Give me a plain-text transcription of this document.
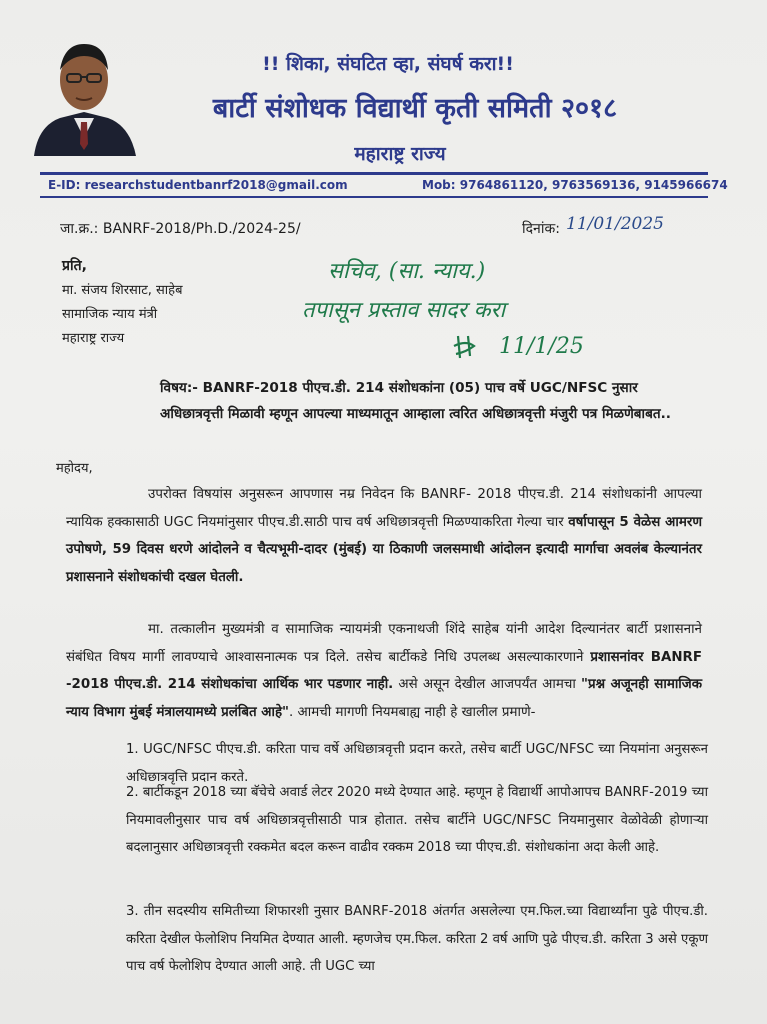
!! शिका, संघटित व्हा, संघर्ष करा!!
बार्टी संशोधक विद्यार्थी कृती समिती २०१८
महाराष्ट्र राज्य
E-ID: researchstudentbanrf2018@gmail.com	Mob: 9764861120, 9763569136, 9145966674
जा.क्र.: BANRF-2018/Ph.D./2024-25/	दिनांक: 11/01/2025
प्रति,
मा. संजय शिरसाट, साहेब
सामाजिक न्याय मंत्री
महाराष्ट्र राज्य
सचिव, (सा. न्याय.)
तपासून प्रस्ताव सादर करा
11/1/25
विषय:- BANRF-2018 पीएच.डी. 214 संशोधकांना (05) पाच वर्षे UGC/NFSC नुसार अधिछात्रवृत्ती मिळावी म्हणून आपल्या माध्यमातून आम्हाला त्वरित अधिछात्रवृत्ती मंजुरी पत्र मिळणेबाबत..
महोदय,
उपरोक्त विषयांस अनुसरून आपणास नम्र निवेदन कि BANRF- 2018 पीएच.डी. 214 संशोधकांनी आपल्या न्यायिक हक्कासाठी UGC नियमांनुसार पीएच.डी.साठी पाच वर्ष अधिछात्रवृत्ती मिळण्याकरिता गेल्या चार वर्षापासून 5 वेळेस आमरण उपोषणे, 59 दिवस धरणे आंदोलने व चैत्यभूमी-दादर (मुंबई) या ठिकाणी जलसमाधी आंदोलन इत्यादी मार्गाचा अवलंब केल्यानंतर प्रशासनाने संशोधकांची दखल घेतली.
मा. तत्कालीन मुख्यमंत्री व सामाजिक न्यायमंत्री एकनाथजी शिंदे साहेब यांनी आदेश दिल्यानंतर बार्टी प्रशासनाने संबंधित विषय मार्गी लावण्याचे आश्वासनात्मक पत्र दिले. तसेच बार्टीकडे निधि उपलब्ध असल्याकारणाने प्रशासनांवर BANRF -2018 पीएच.डी. 214 संशोधकांचा आर्थिक भार पडणार नाही. असे असून देखील आजपर्यंत आमचा "प्रश्न अजूनही सामाजिक न्याय विभाग मुंबई मंत्रालयामध्ये प्रलंबित आहे". आमची मागणी नियमबाह्य नाही हे खालील प्रमाणे-
1. UGC/NFSC पीएच.डी. करिता पाच वर्षे अधिछात्रवृत्ती प्रदान करते, तसेच बार्टी UGC/NFSC च्या नियमांना अनुसरून अधिछात्रवृत्ति प्रदान करते.
2. बार्टीकडून 2018 च्या बॅचेचे अवार्ड लेटर 2020 मध्ये देण्यात आहे. म्हणून हे विद्यार्थी आपोआपच BANRF-2019 च्या नियमावलीनुसार पाच वर्ष अधिछात्रवृत्तीसाठी पात्र होतात. तसेच बार्टीने UGC/NFSC नियमानुसार वेळोवेळी होणाऱ्या बदलानुसार अधिछात्रवृत्ती रक्कमेत बदल करून वाढीव रक्कम 2018 च्या पीएच.डी. संशोधकांना अदा केली आहे.
3. तीन सदस्यीय समितीच्या शिफारशी नुसार BANRF-2018 अंतर्गत असलेल्या एम.फिल.च्या विद्यार्थ्यांना पुढे पीएच.डी. करिता देखील फेलोशिप नियमित देण्यात आली. म्हणजेच एम.फिल. करिता 2 वर्ष आणि पुढे पीएच.डी. करिता 3 असे एकूण पाच वर्ष फेलोशिप देण्यात आली आहे. ती UGC च्या
